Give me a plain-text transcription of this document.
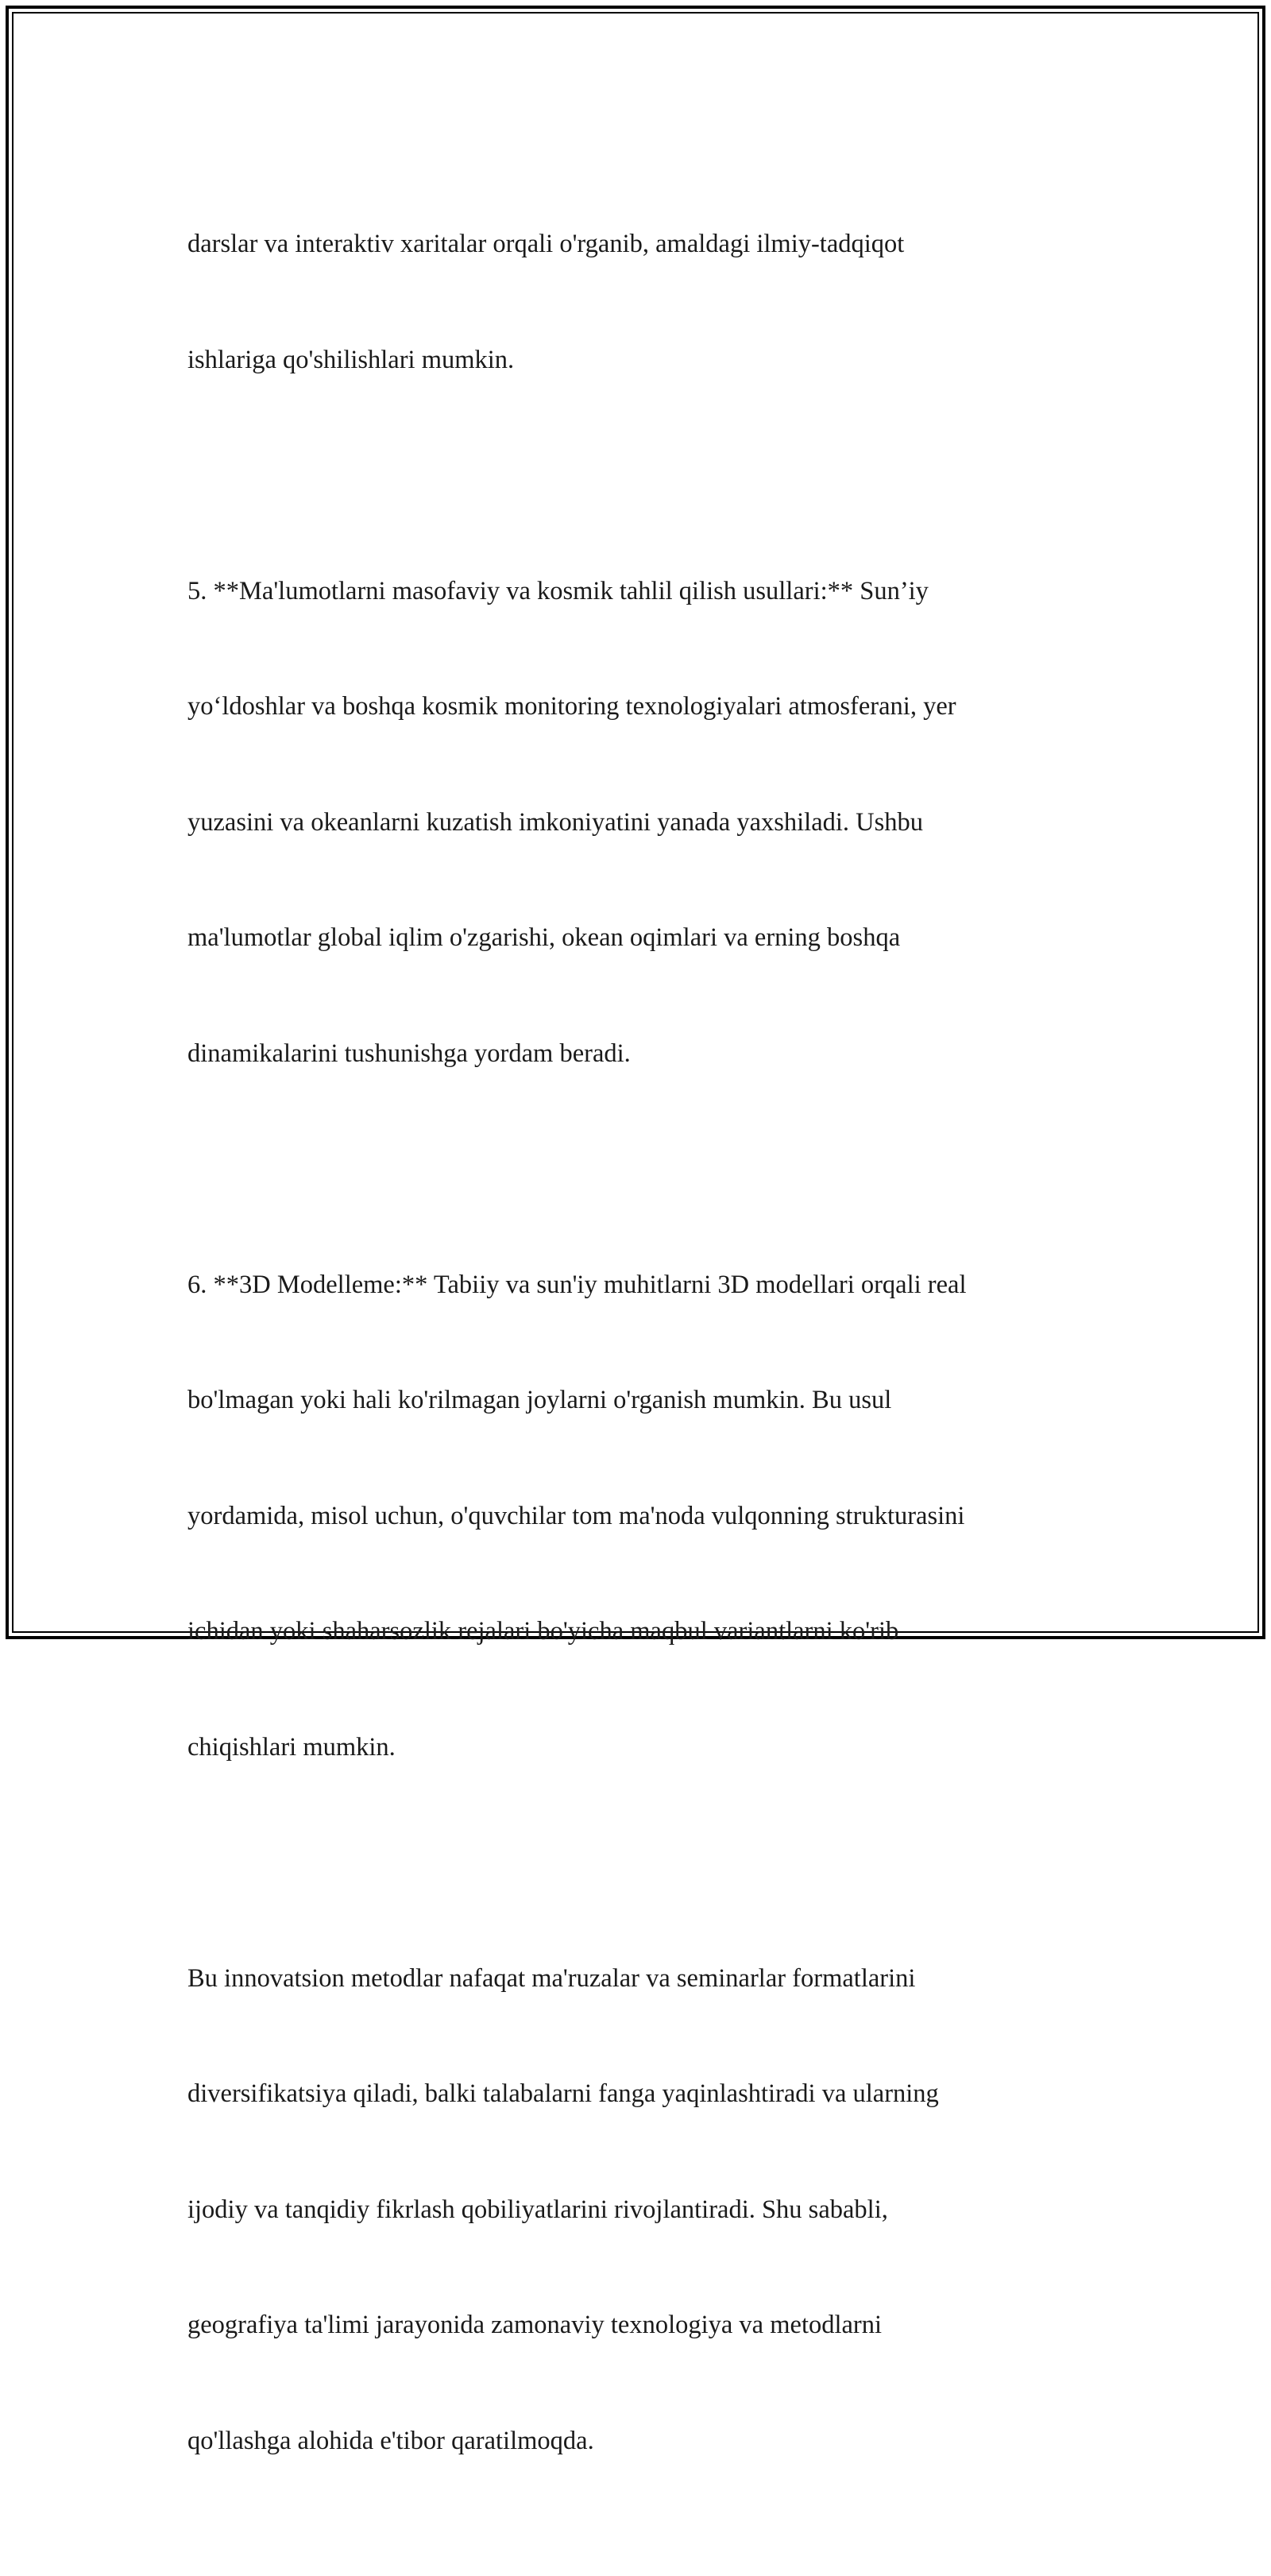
darslar va interaktiv xaritalar orqali o'rganib, amaldagi ilmiy-tadqiqot

ishlariga qo'shilishlari mumkin.

5. **Ma'lumotlarni masofaviy va kosmik tahlil qilish usullari:** Sun’iy

yo‘ldoshlar va boshqa kosmik monitoring texnologiyalari atmosferani, yer

yuzasini va okeanlarni kuzatish imkoniyatini yanada yaxshiladi. Ushbu

ma'lumotlar global iqlim o'zgarishi, okean oqimlari va erning boshqa

dinamikalarini tushunishga yordam beradi.

6. **3D Modelleme:** Tabiiy va sun'iy muhitlarni 3D modellari orqali real

bo'lmagan yoki hali ko'rilmagan joylarni o'rganish mumkin. Bu usul

yordamida, misol uchun, o'quvchilar tom ma'noda vulqonning strukturasini

ichidan yoki shaharsozlik rejalari bo'yicha maqbul variantlarni ko'rib

chiqishlari mumkin.

Bu innovatsion metodlar nafaqat ma'ruzalar va seminarlar formatlarini

diversifikatsiya qiladi, balki talabalarni fanga yaqinlashtiradi va ularning

ijodiy va tanqidiy fikrlash qobiliyatlarini rivojlantiradi. Shu sababli,

geografiya ta'limi jarayonida zamonaviy texnologiya va metodlarni

qo'llashga alohida e'tibor qaratilmoqda.
